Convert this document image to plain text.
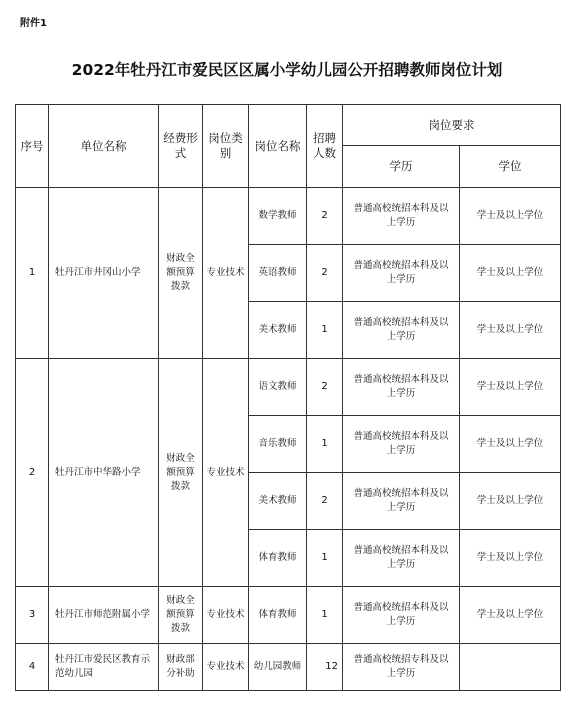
附件1
2022年牡丹江市爱民区区属小学幼儿园公开招聘教师岗位计划
序号	单位名称	经费形式	岗位类别	岗位名称	招聘人数	岗位要求	
						学历	学位
1	牡丹江市井冈山小学	财政全额预算拨款	专业技术	数学教师	2	普通高校统招本科及以上学历	学士及以上学位
				英语教师	2	普通高校统招本科及以上学历	学士及以上学位
				美术教师	1	普通高校统招本科及以上学历	学士及以上学位
2	牡丹江市中华路小学	财政全额预算拨款	专业技术	语文教师	2	普通高校统招本科及以上学历	学士及以上学位
				音乐教师	1	普通高校统招本科及以上学历	学士及以上学位
				美术教师	2	普通高校统招本科及以上学历	学士及以上学位
				体育教师	1	普通高校统招本科及以上学历	学士及以上学位
3	牡丹江市师范附属小学	财政全额预算拨款	专业技术	体育教师	1	普通高校统招本科及以上学历	学士及以上学位
4	牡丹江市爱民区教育示范幼儿园	财政部分补助	专业技术	幼儿园教师	12	普通高校统招专科及以上学历	
